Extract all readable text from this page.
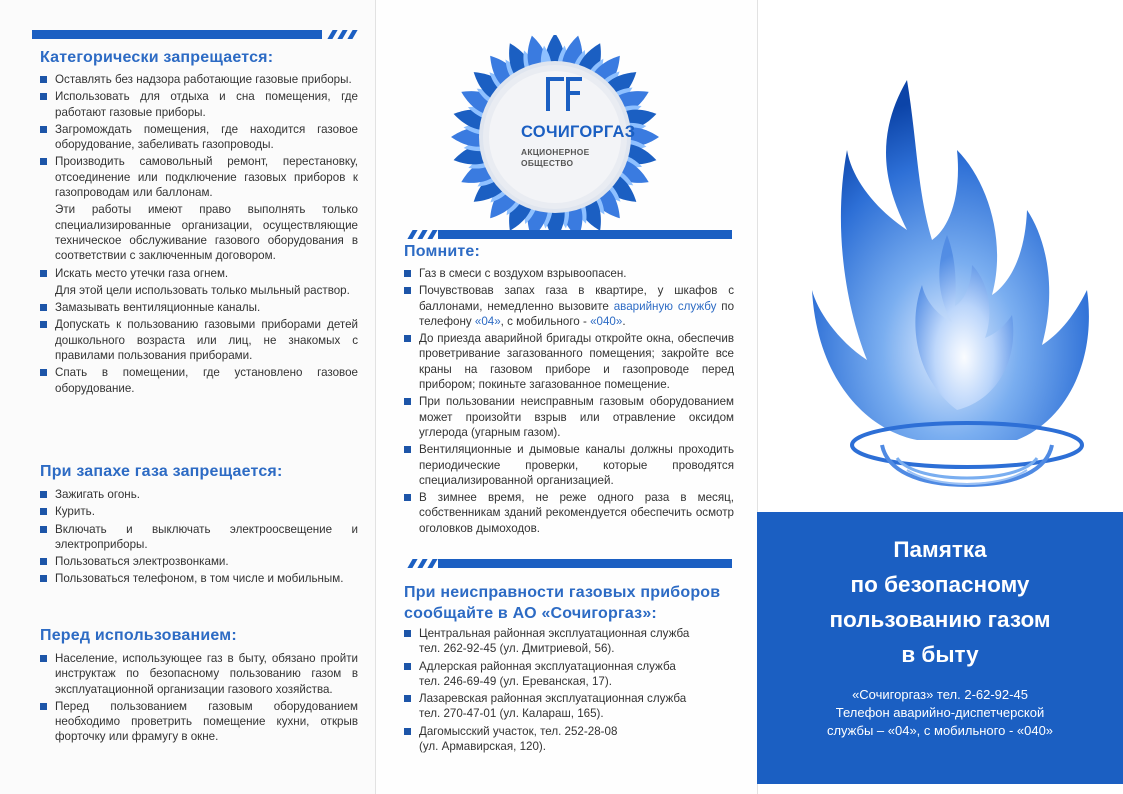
Категорически запрещается:
Оставлять без надзора работающие газовые приборы.
Использовать для отдыха и сна помещения, где работают газовые приборы.
Загромождать помещения, где находится газовое оборудование, забеливать газопроводы.
Производить самовольный ремонт, перестановку, отсоединение или подключение газовых приборов к газопроводам или баллонам.
Эти работы имеют право выполнять только специализированные организации, осуществляющие техническое обслуживание газового оборудования в соответствии с заключенным договором.
Искать место утечки газа огнем.
Для этой цели использовать только мыльный раствор.
Замазывать вентиляционные каналы.
Допускать к пользованию газовыми приборами детей дошкольного возраста или лиц, не знакомых с правилами пользования приборами.
Спать в помещении, где установлено газовое оборудование.
При запахе газа запрещается:
Зажигать огонь.
Курить.
Включать и выключать электроосвещение и электроприборы.
Пользоваться электрозвонками.
Пользоваться телефоном, в том числе и мобильным.
Перед использованием:
Население, использующее газ в быту, обязано пройти инструктаж по безопасному пользованию газом в эксплуатационной организации газового хозяйства.
Перед пользованием газовым оборудованием необходимо проветрить помещение кухни, открыв форточку или фрамугу в окне.
СОЧИГОРГАЗ
АКЦИОНЕРНОЕ
ОБЩЕСТВО
Помните:
Газ в смеси с воздухом взрывоопасен.
Почувствовав запах газа в квартире, у шкафов с баллонами, немедленно вызовите аварийную службу по телефону «04», с мобильного - «040».
До приезда аварийной бригады откройте окна, обеспечив проветривание загазованного помещения; закройте все краны на газовом приборе и газопроводе перед прибором; покиньте загазованное помещение.
При пользовании неисправным газовым оборудованием может произойти взрыв или отравление оксидом углерода (угарным газом).
Вентиляционные и дымовые каналы должны проходить периодические проверки, которые проводятся специализированной организацией.
В зимнее время, не реже одного раза в месяц, собственникам зданий рекомендуется обеспечить осмотр оголовков дымоходов.
При неисправности газовых приборов
сообщайте в АО «Сочигоргаз»:
Центральная районная эксплуатационная служба
тел. 262-92-45 (ул. Дмитриевой, 56).
Адлерская районная эксплуатационная служба
тел. 246-69-49 (ул. Ереванская, 17).
Лазаревская районная эксплуатационная служба
тел. 270-47-01 (ул. Калараш, 165).
Дагомысский участок, тел. 252-28-08
(ул. Армавирская, 120).
Памятка
по безопасному
пользованию газом
в быту
«Сочигоргаз» тел. 2-62-92-45
Телефон аварийно-диспетчерской
службы – «04», с мобильного - «040»
